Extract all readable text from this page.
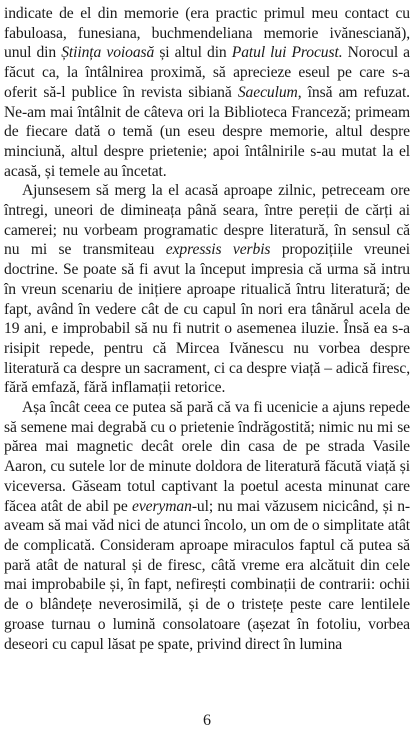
indicate de el din memorie (era practic primul meu contact cu fabuloasa, funesiana, buchmendeliana memorie ivănesciană), unul din Știința voioasă și altul din Patul lui Procust. Norocul a făcut ca, la întâlnirea proximă, să aprecieze eseul pe care s-a oferit să-l publice în revista sibiană Saeculum, însă am refuzat. Ne-am mai întâlnit de câteva ori la Biblioteca Franceză; primeam de fiecare dată o temă (un eseu despre memorie, altul despre minciună, altul despre prietenie; apoi întâlnirile s-au mutat la el acasă, și temele au încetat.

Ajunsesem să merg la el acasă aproape zilnic, petreceam ore întregi, uneori de dimineața până seara, între pereții de cărți ai camerei; nu vorbeam programatic despre literatură, în sensul că nu mi se transmiteau expressis verbis propozițiile vreunei doctrine. Se poate să fi avut la început impresia că urma să intru în vreun scenariu de inițiere aproape ritualică întru literatură; de fapt, având în vedere cât de cu capul în nori era tânărul acela de 19 ani, e improbabil să nu fi nutrit o asemenea iluzie. Însă ea s-a risipit repede, pentru că Mircea Ivănescu nu vorbea despre literatură ca despre un sacrament, ci ca despre viață – adică firesc, fără emfază, fără inflamații retorice.

Așa încât ceea ce putea să pară că va fi ucenicie a ajuns repede să semene mai degrabă cu o prietenie îndrăgostită; nimic nu mi se părea mai magnetic decât orele din casa de pe strada Vasile Aaron, cu sutele lor de minute doldora de literatură făcută viață și viceversa. Găseam totul captivant la poetul acesta minunat care făcea atât de abil pe everyman-ul; nu mai văzusem nicicând, și n-aveam să mai văd nici de atunci încolo, un om de o simplitate atât de complicată. Consideram aproape miraculos faptul că putea să pară atât de natural și de firesc, câtă vreme era alcătuit din cele mai improbabile și, în fapt, nefirești combinații de contrarii: ochii de o blândețe neverosimilă, și de o tristețe peste care lentilele groase turnau o lumină consolatoare (așezat în fotoliu, vorbea deseori cu capul lăsat pe spate, privind direct în lumina

6
